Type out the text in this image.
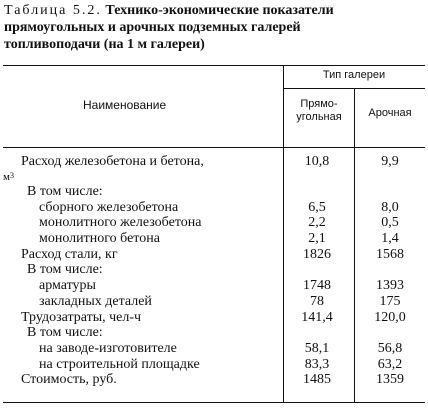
Таблица 5.2. Технико-экономические показатели
прямоугольных и арочных подземных галерей
топливоподачи (на 1 м галереи)
Наименование
Тип галереи
Прямо-
угольная	Арочная
Расход железобетона и бетона,	10,8	9,9
$м^3$
В том числе:
сборного железобетона	6,5	8,0
монолитного железобетона	2,2	0,5
монолитного бетона	2,1	1,4
Расход стали, кг	1826	1568
В том числе:
арматуры	1748	1393
закладных деталей	78	175
Трудозатраты, чел-ч	141,4	120,0
В том числе:
на заводе-изготовителе	58,1	56,8
на строительной площадке	83,3	63,2
Стоимость, руб.	1485	1359
